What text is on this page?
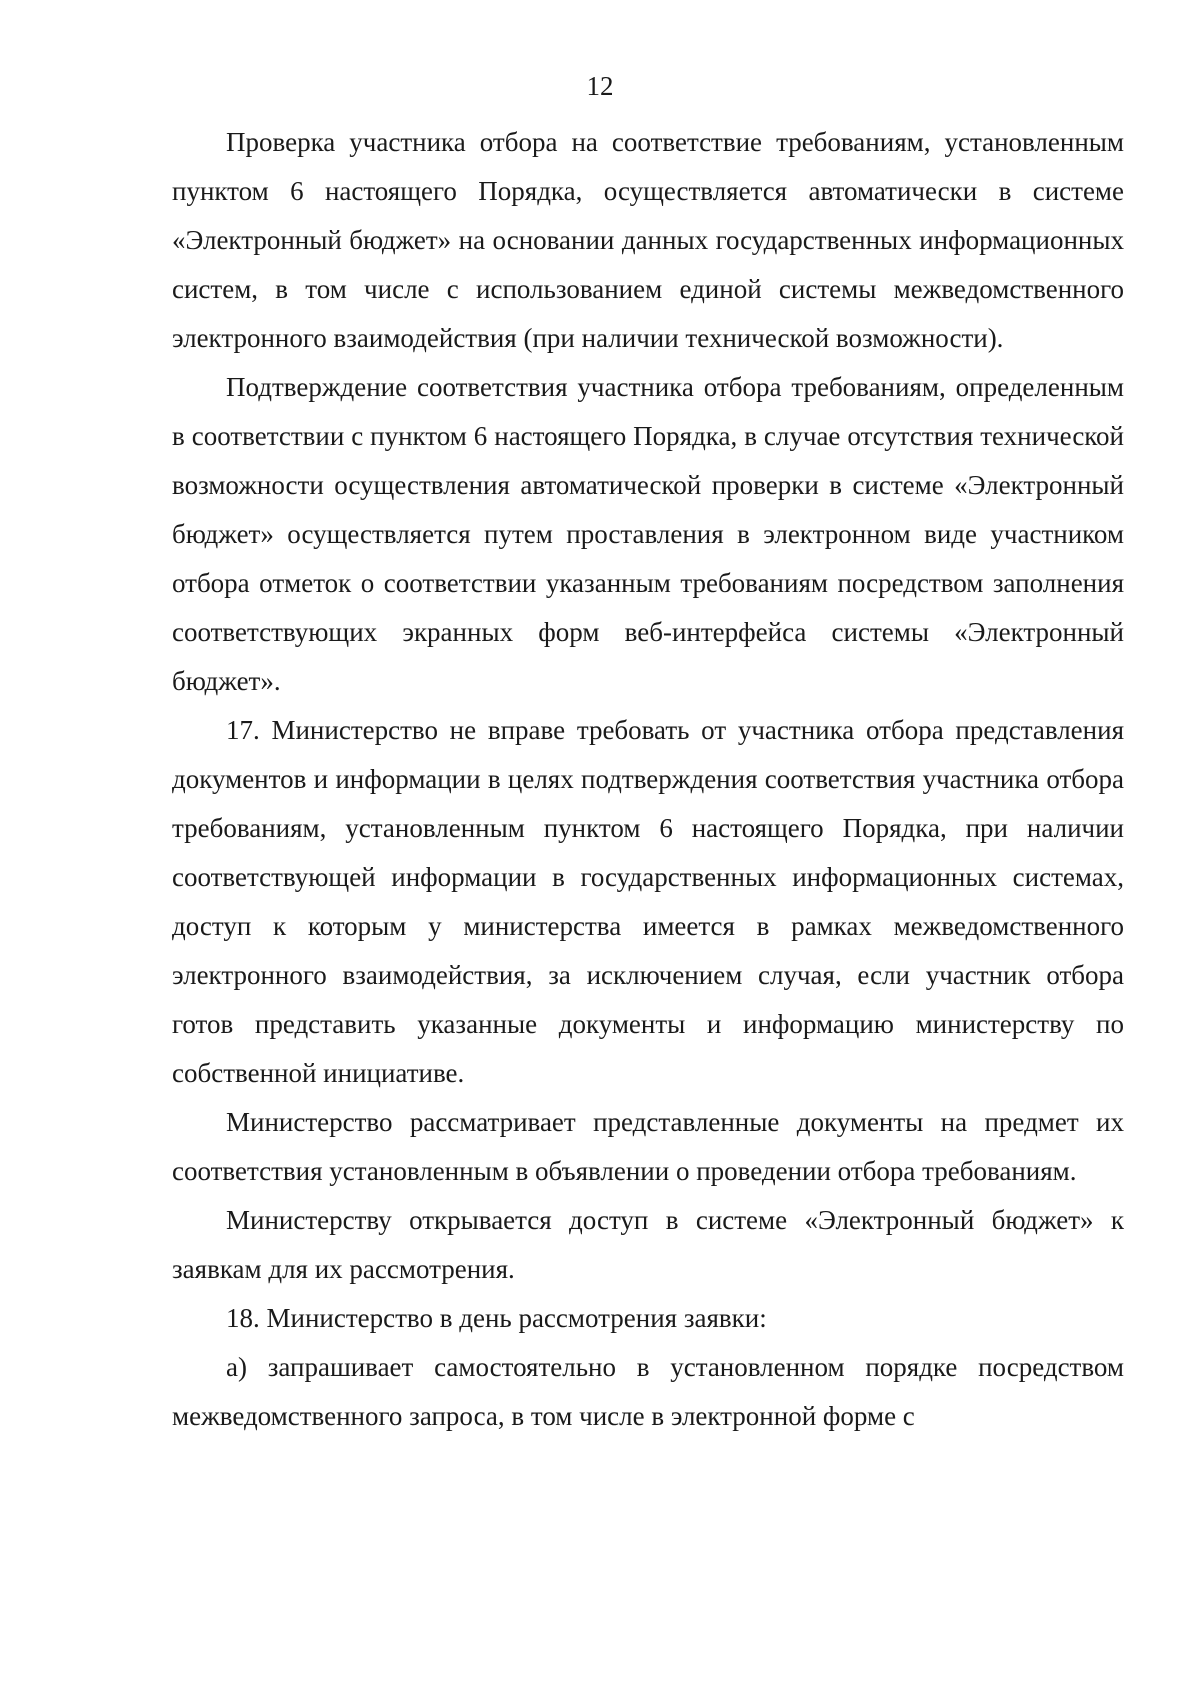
12

Проверка участника отбора на соответствие требованиям, установленным пунктом 6 настоящего Порядка, осуществляется автоматически в системе «Электронный бюджет» на основании данных государственных информационных систем, в том числе с использованием единой системы межведомственного электронного взаимодействия (при наличии технической возможности).

Подтверждение соответствия участника отбора требованиям, определенным в соответствии с пунктом 6 настоящего Порядка, в случае отсутствия технической возможности осуществления автоматической проверки в системе «Электронный бюджет» осуществляется путем проставления в электронном виде участником отбора отметок о соответствии указанным требованиям посредством заполнения соответствующих экранных форм веб-интерфейса системы «Электронный бюджет».

17. Министерство не вправе требовать от участника отбора представления документов и информации в целях подтверждения соответствия участника отбора требованиям, установленным пунктом 6 настоящего Порядка, при наличии соответствующей информации в государственных информационных системах, доступ к которым у министерства имеется в рамках межведомственного электронного взаимодействия, за исключением случая, если участник отбора готов представить указанные документы и информацию министерству по собственной инициативе.

Министерство рассматривает представленные документы на предмет их соответствия установленным в объявлении о проведении отбора требованиям.

Министерству открывается доступ в системе «Электронный бюджет» к заявкам для их рассмотрения.

18. Министерство в день рассмотрения заявки:

а) запрашивает самостоятельно в установленном порядке посредством межведомственного запроса, в том числе в электронной форме с
